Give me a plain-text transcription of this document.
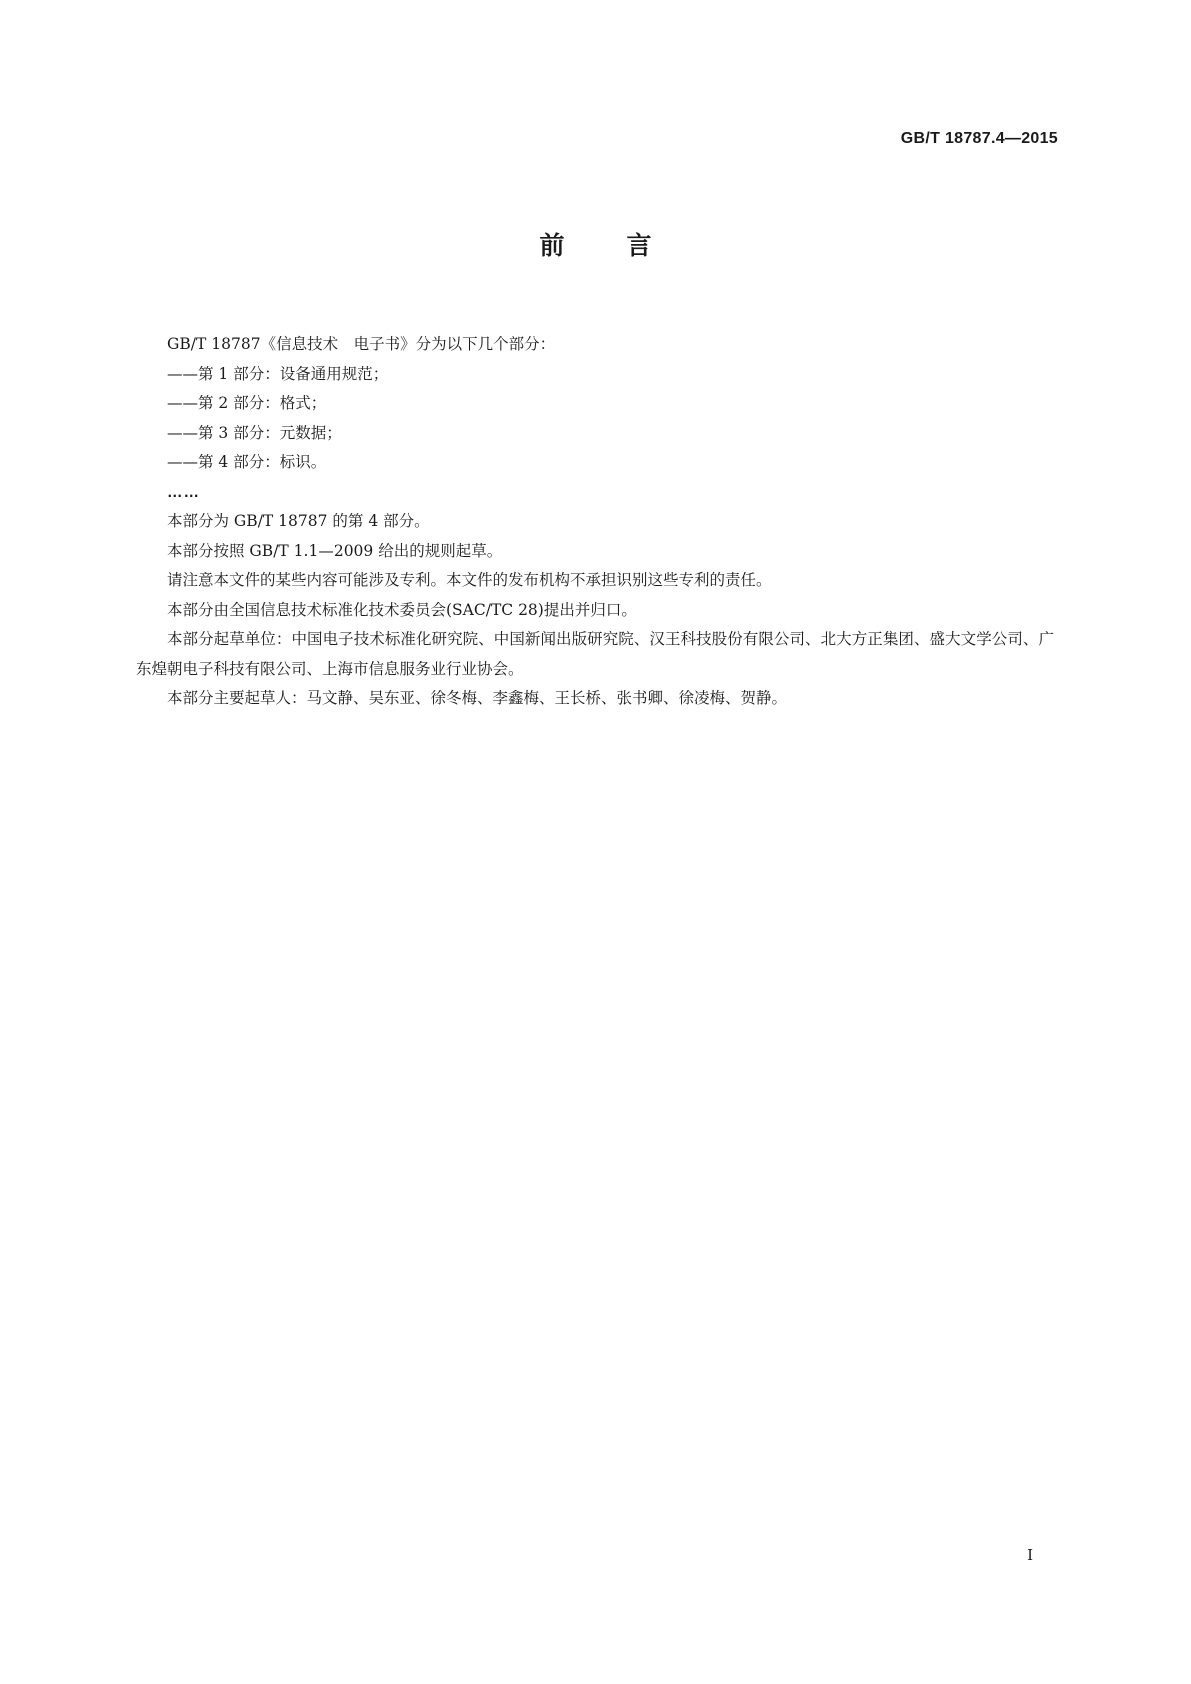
GB/T 18787.4—2015
前言

GB/T 18787《信息技术　电子书》分为以下几个部分：

——第 1 部分：设备通用规范；

——第 2 部分：格式；

——第 3 部分：元数据；

——第 4 部分：标识。

……

本部分为 GB/T 18787 的第 4 部分。

本部分按照 GB/T 1.1—2009 给出的规则起草。

请注意本文件的某些内容可能涉及专利。本文件的发布机构不承担识别这些专利的责任。

本部分由全国信息技术标准化技术委员会(SAC/TC 28)提出并归口。

本部分起草单位：中国电子技术标准化研究院、中国新闻出版研究院、汉王科技股份有限公司、北大方正集团、盛大文学公司、广东煌朝电子科技有限公司、上海市信息服务业行业协会。

本部分主要起草人：马文静、吴东亚、徐冬梅、李鑫梅、王长桥、张书卿、徐凌梅、贺静。

I
